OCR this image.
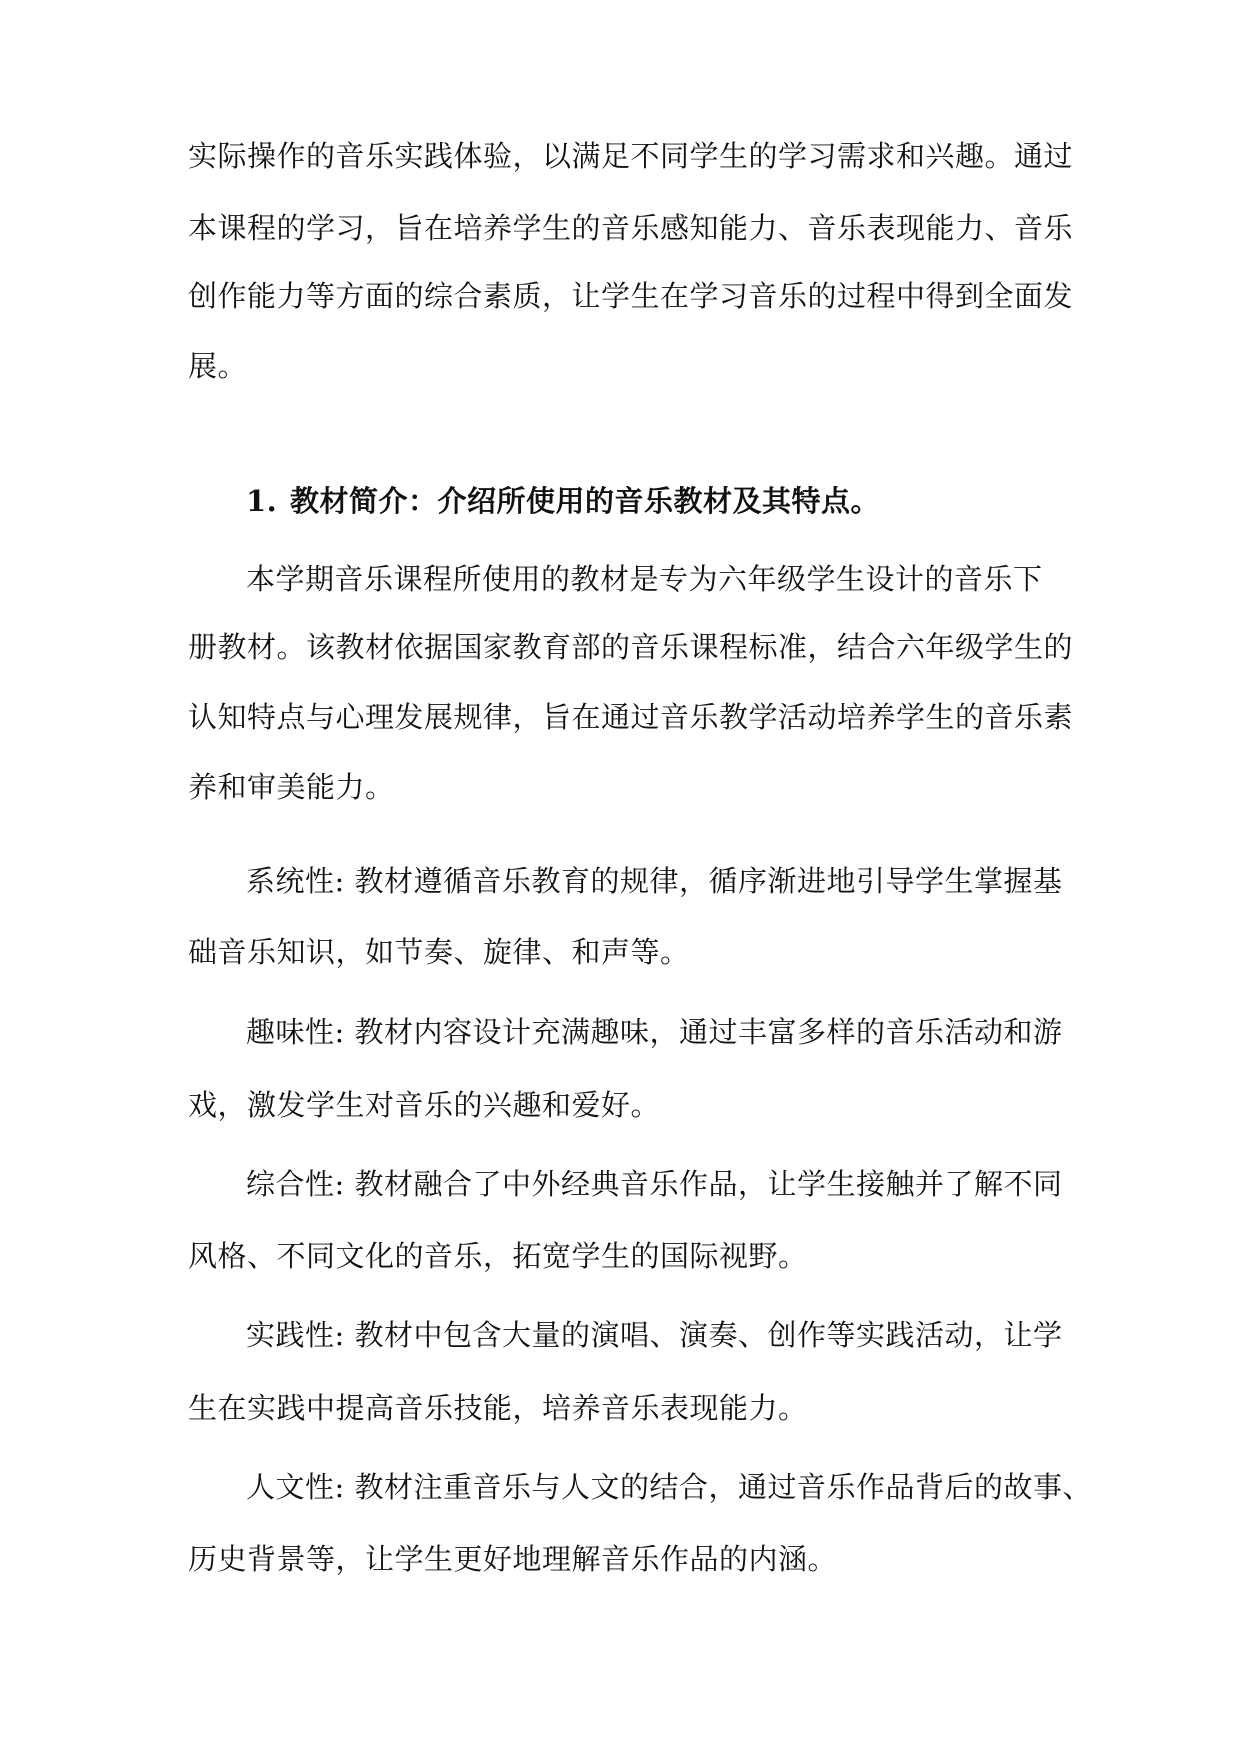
实际操作的音乐实践体验，以满足不同学生的学习需求和兴趣。通过
本课程的学习，旨在培养学生的音乐感知能力、音乐表现能力、音乐
创作能力等方面的综合素质，让学生在学习音乐的过程中得到全面发
展。
1. 教材简介：介绍所使用的音乐教材及其特点。
本学期音乐课程所使用的教材是专为六年级学生设计的音乐下
册教材。该教材依据国家教育部的音乐课程标准，结合六年级学生的
认知特点与心理发展规律，旨在通过音乐教学活动培养学生的音乐素
养和审美能力。
系统性: 教材遵循音乐教育的规律，循序渐进地引导学生掌握基
础音乐知识，如节奏、旋律、和声等。
趣味性: 教材内容设计充满趣味，通过丰富多样的音乐活动和游
戏，激发学生对音乐的兴趣和爱好。
综合性: 教材融合了中外经典音乐作品，让学生接触并了解不同
风格、不同文化的音乐，拓宽学生的国际视野。
实践性: 教材中包含大量的演唱、演奏、创作等实践活动，让学
生在实践中提高音乐技能，培养音乐表现能力。
人文性: 教材注重音乐与人文的结合，通过音乐作品背后的故事、
历史背景等，让学生更好地理解音乐作品的内涵。
